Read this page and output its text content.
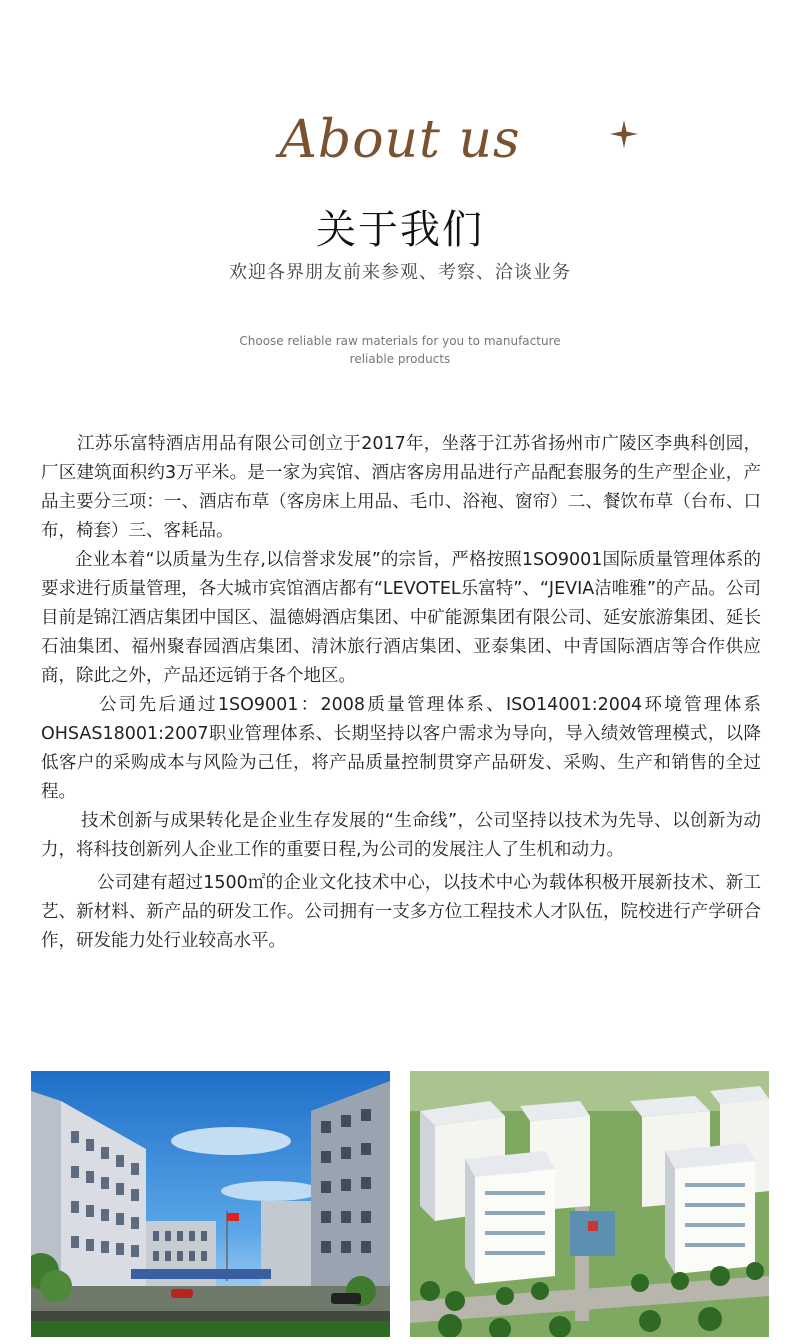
About us
关于我们
欢迎各界朋友前来参观、考察、洽谈业务
Choose reliable raw materials for you to manufacture
reliable products

江苏乐富特酒店用品有限公司创立于2017年，坐落于江苏省扬州市广陵区李典科创园，厂区建筑面积约3万平米。是一家为宾馆、酒店客房用品进行产品配套服务的生产型企业，产品主要分三项：一、酒店布草（客房床上用品、毛巾、浴袍、窗帘）二、餐饮布草（台布、口布，椅套）三、客耗品。

企业本着“以质量为生存,以信誉求发展”的宗旨，严格按照1SO9001国际质量管理体系的要求进行质量管理，各大城市宾馆酒店都有“LEVOTEL乐富特”、“JEVIA洁唯雅”的产品。公司目前是锦江酒店集团中国区、温德姆酒店集团、中矿能源集团有限公司、延安旅游集团、延长石油集团、福州聚春园酒店集团、清沐旅行酒店集团、亚泰集团、中青国际酒店等合作供应商，除此之外，产品还远销于各个地区。

公司先后通过1SO9001：2008质量管理体系、ISO14001:2004环境管理体系OHSAS18001:2007职业管理体系、长期坚持以客户需求为导向，导入绩效管理模式，以降低客户的采购成本与风险为己任，将产品质量控制贯穿产品研发、采购、生产和销售的全过程。

技术创新与成果转化是企业生存发展的“生命线”，公司坚持以技术为先导、以创新为动力，将科技创新列人企业工作的重要日程,为公司的发展注人了生机和动力。

公司建有超过1500㎡的企业文化技术中心，以技术中心为载体积极开展新技术、新工艺、新材料、新产品的研发工作。公司拥有一支多方位工程技术人才队伍，院校进行产学研合作，研发能力处行业较高水平。
